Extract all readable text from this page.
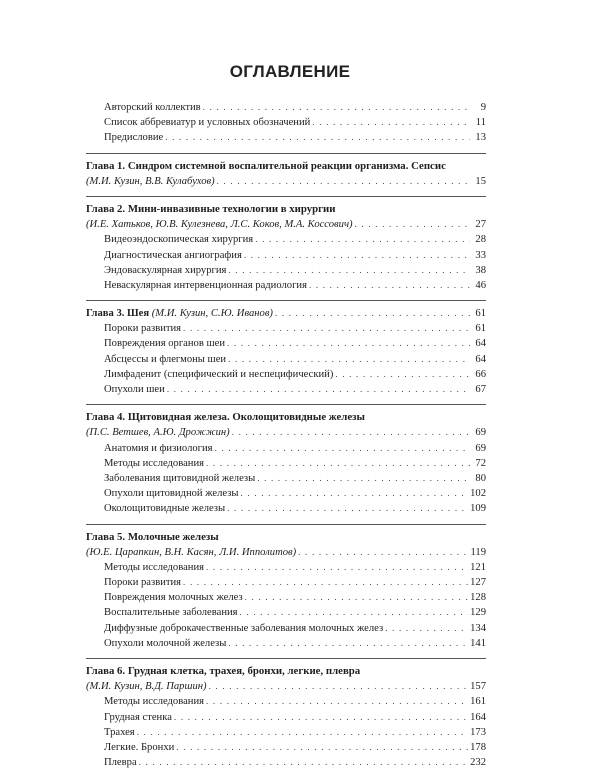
ОГЛАВЛЕНИЕ
Авторский коллектив . . .	9
Список аббревиатур и условных обозначений . . .	11
Предисловие . . .	13
Глава 1. Синдром системной воспалительной реакции организма. Сепсис
(М.И. Кузин, В.В. Кулабухов) . . .	15
Глава 2. Мини-инвазивные технологии в хирургии
(И.Е. Хатьков, Ю.В. Кулезнева, Л.С. Коков, М.А. Коссович) . . .	27
Видеоэндоскопическая хирургия . . .	28
Диагностическая ангиография . . .	33
Эндоваскулярная хирургия . . .	38
Неваскулярная интервенционная радиология . . .	46
Глава 3. Шея (М.И. Кузин, С.Ю. Иванов) . . .	61
Пороки развития . . .	61
Повреждения органов шеи . . .	64
Абсцессы и флегмоны шеи . . .	64
Лимфаденит (специфический и неспецифический) . . .	66
Опухоли шеи . . .	67
Глава 4. Щитовидная железа. Околощитовидные железы
(П.С. Ветшев, А.Ю. Дрожжин) . . .	69
Анатомия и физиология . . .	69
Методы исследования . . .	72
Заболевания щитовидной железы . . .	80
Опухоли щитовидной железы . . .	102
Околощитовидные железы . . .	109
Глава 5. Молочные железы
(Ю.Е. Царапкин, В.Н. Касян, Л.И. Ипполитов) . . .	119
Методы исследования . . .	121
Пороки развития . . .	127
Повреждения молочных желез . . .	128
Воспалительные заболевания . . .	129
Диффузные доброкачественные заболевания молочных желез . . .	134
Опухоли молочной железы . . .	141
Глава 6. Грудная клетка, трахея, бронхи, легкие, плевра
(М.И. Кузин, В.Д. Паршин) . . .	157
Методы исследования . . .	161
Грудная стенка . . .	164
Трахея . . .	173
Легкие. Бронхи . . .	178
Плевра . . .	232
